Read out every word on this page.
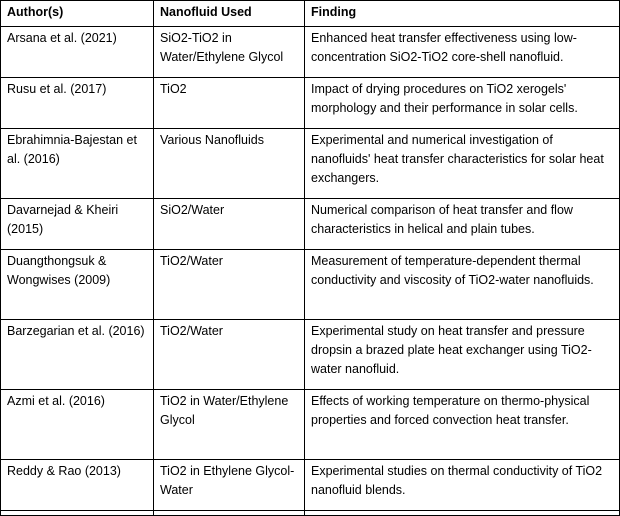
Author(s)	Nanofluid Used	Finding
Arsana et al. (2021)	SiO2-TiO2 in Water/Ethylene Glycol	Enhanced heat transfer effectiveness using low-concentration SiO2-TiO2 core-shell nanofluid.
Rusu et al. (2017)	TiO2	Impact of drying procedures on TiO2 xerogels' morphology and their performance in solar cells.
Ebrahimnia-Bajestan et al. (2016)	Various Nanofluids	Experimental and numerical investigation of nanofluids' heat transfer characteristics for solar heat exchangers.
Davarnejad & Kheiri (2015)	SiO2/Water	Numerical comparison of heat transfer and flow characteristics in helical and plain tubes.
Duangthongsuk & Wongwises (2009)	TiO2/Water	Measurement of temperature-dependent thermal conductivity and viscosity of TiO2-water nanofluids.
Barzegarian et al. (2016)	TiO2/Water	Experimental study on heat transfer and pressure dropsin a brazed plate heat exchanger using TiO2-water nanofluid.
Azmi et al. (2016)	TiO2 in Water/Ethylene Glycol	Effects of working temperature on thermo-physical properties and forced convection heat transfer.
Reddy & Rao (2013)	TiO2 in Ethylene Glycol-Water	Experimental studies on thermal conductivity of TiO2 nanofluid blends.
